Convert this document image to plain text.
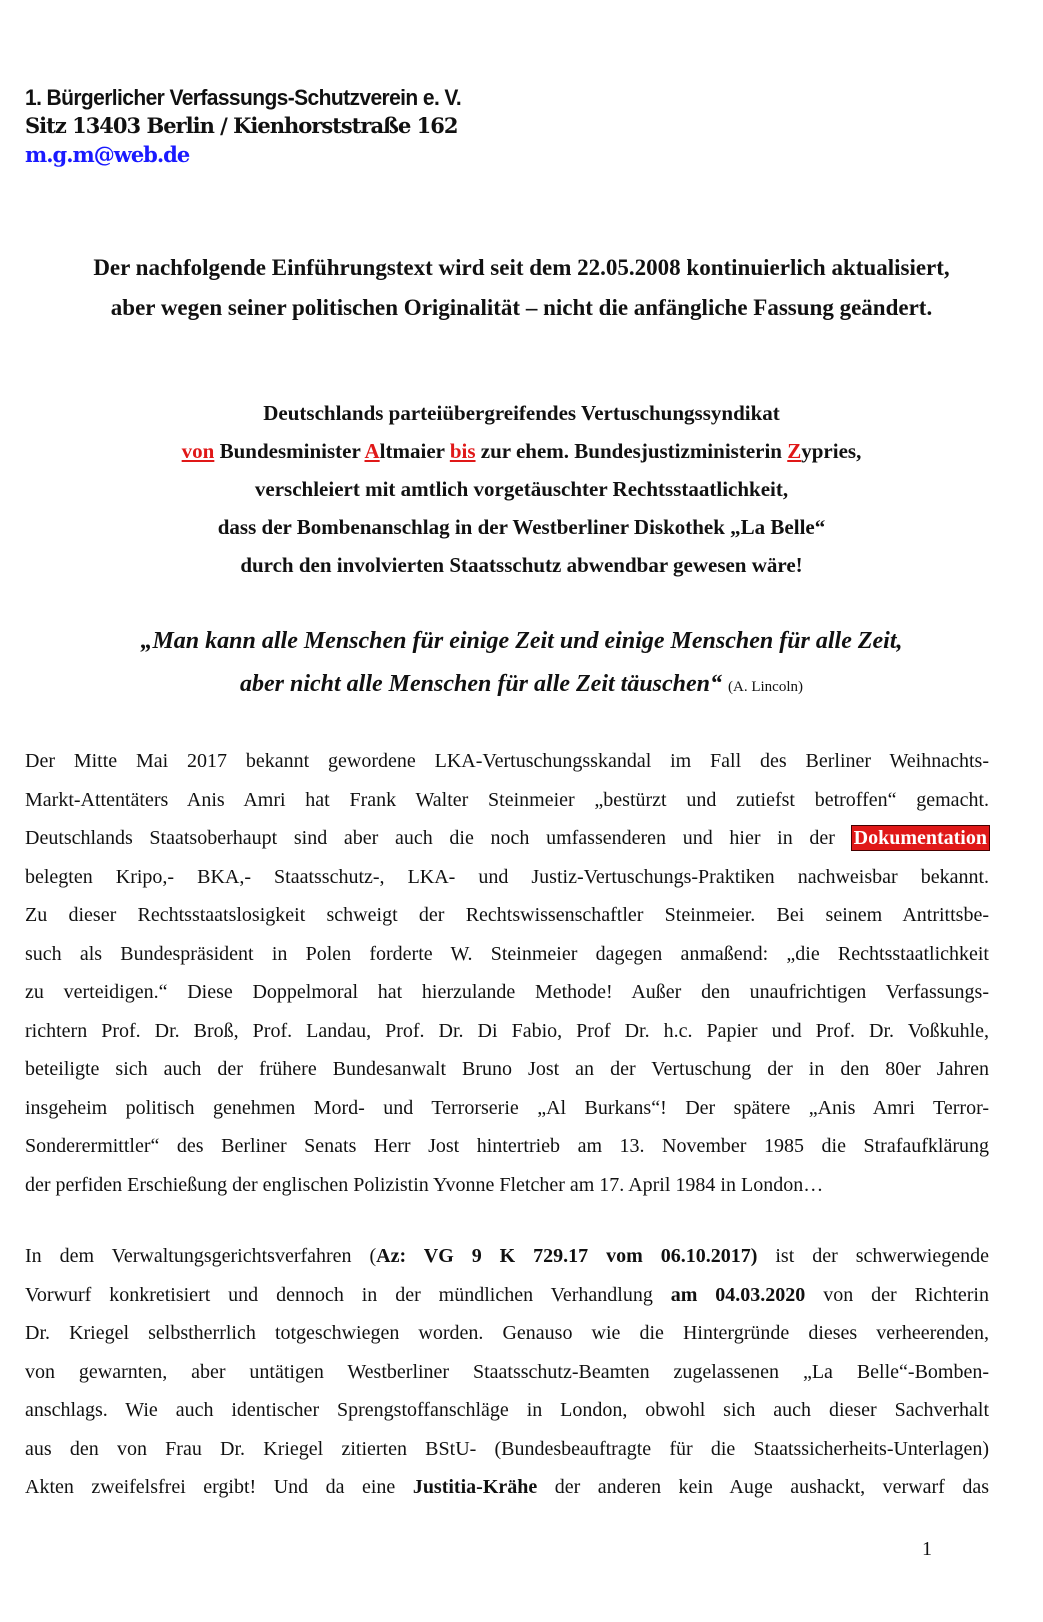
1. Bürgerlicher Verfassungs-Schutzverein e. V.
Sitz 13403 Berlin / Kienhorststraße 162
m.g.m@web.de
Der nachfolgende Einführungstext wird seit dem 22.05.2008 kontinuierlich aktualisiert,
aber wegen seiner politischen Originalität – nicht die anfängliche Fassung geändert.
Deutschlands parteiübergreifendes Vertuschungssyndikat
von Bundesminister Altmaier bis zur ehem. Bundesjustizministerin Zypries,
verschleiert mit amtlich vorgetäuschter Rechtsstaatlichkeit,
dass der Bombenanschlag in der Westberliner Diskothek „La Belle“
durch den involvierten Staatsschutz abwendbar gewesen wäre!
„Man kann alle Menschen für einige Zeit und einige Menschen für alle Zeit,
aber nicht alle Menschen für alle Zeit täuschen“ (A. Lincoln)
Der Mitte Mai 2017 bekannt gewordene LKA-Vertuschungsskandal im Fall des Berliner Weihnachts-
Markt-Attentäters Anis Amri hat Frank Walter Steinmeier „bestürzt und zutiefst betroffen“ gemacht.
Deutschlands Staatsoberhaupt sind aber auch die noch umfassenderen und hier in der Dokumentation
belegten Kripo,- BKA,- Staatsschutz-, LKA- und Justiz-Vertuschungs-Praktiken nachweisbar bekannt.
Zu dieser Rechtsstaatslosigkeit schweigt der Rechtswissenschaftler Steinmeier. Bei seinem Antrittsbe-
such als Bundespräsident in Polen forderte W. Steinmeier dagegen anmaßend: „die Rechtsstaatlichkeit
zu verteidigen.“ Diese Doppelmoral hat hierzulande Methode! Außer den unaufrichtigen Verfassungs-
richtern Prof. Dr. Broß, Prof. Landau, Prof. Dr. Di Fabio, Prof Dr. h.c. Papier und Prof. Dr. Voßkuhle,
beteiligte sich auch der frühere Bundesanwalt Bruno Jost an der Vertuschung der in den 80er Jahren
insgeheim politisch genehmen Mord- und Terrorserie „Al Burkans“! Der spätere „Anis Amri Terror-
Sonderermittler“ des Berliner Senats Herr Jost hintertrieb am 13. November 1985 die Strafaufklärung
der perfiden Erschießung der englischen Polizistin Yvonne Fletcher am 17. April 1984 in London…
In dem Verwaltungsgerichtsverfahren (Az: VG 9 K 729.17 vom 06.10.2017) ist der schwerwiegende
Vorwurf konkretisiert und dennoch in der mündlichen Verhandlung am 04.03.2020 von der Richterin
Dr. Kriegel selbstherrlich totgeschwiegen worden. Genauso wie die Hintergründe dieses verheerenden,
von gewarnten, aber untätigen Westberliner Staatsschutz-Beamten zugelassenen „La Belle“-Bomben-
anschlags. Wie auch identischer Sprengstoffanschläge in London, obwohl sich auch dieser Sachverhalt
aus den von Frau Dr. Kriegel zitierten BStU- (Bundesbeauftragte für die Staatssicherheits-Unterlagen)
Akten zweifelsfrei ergibt! Und da eine Justitia-Krähe der anderen kein Auge aushackt, verwarf das
1
